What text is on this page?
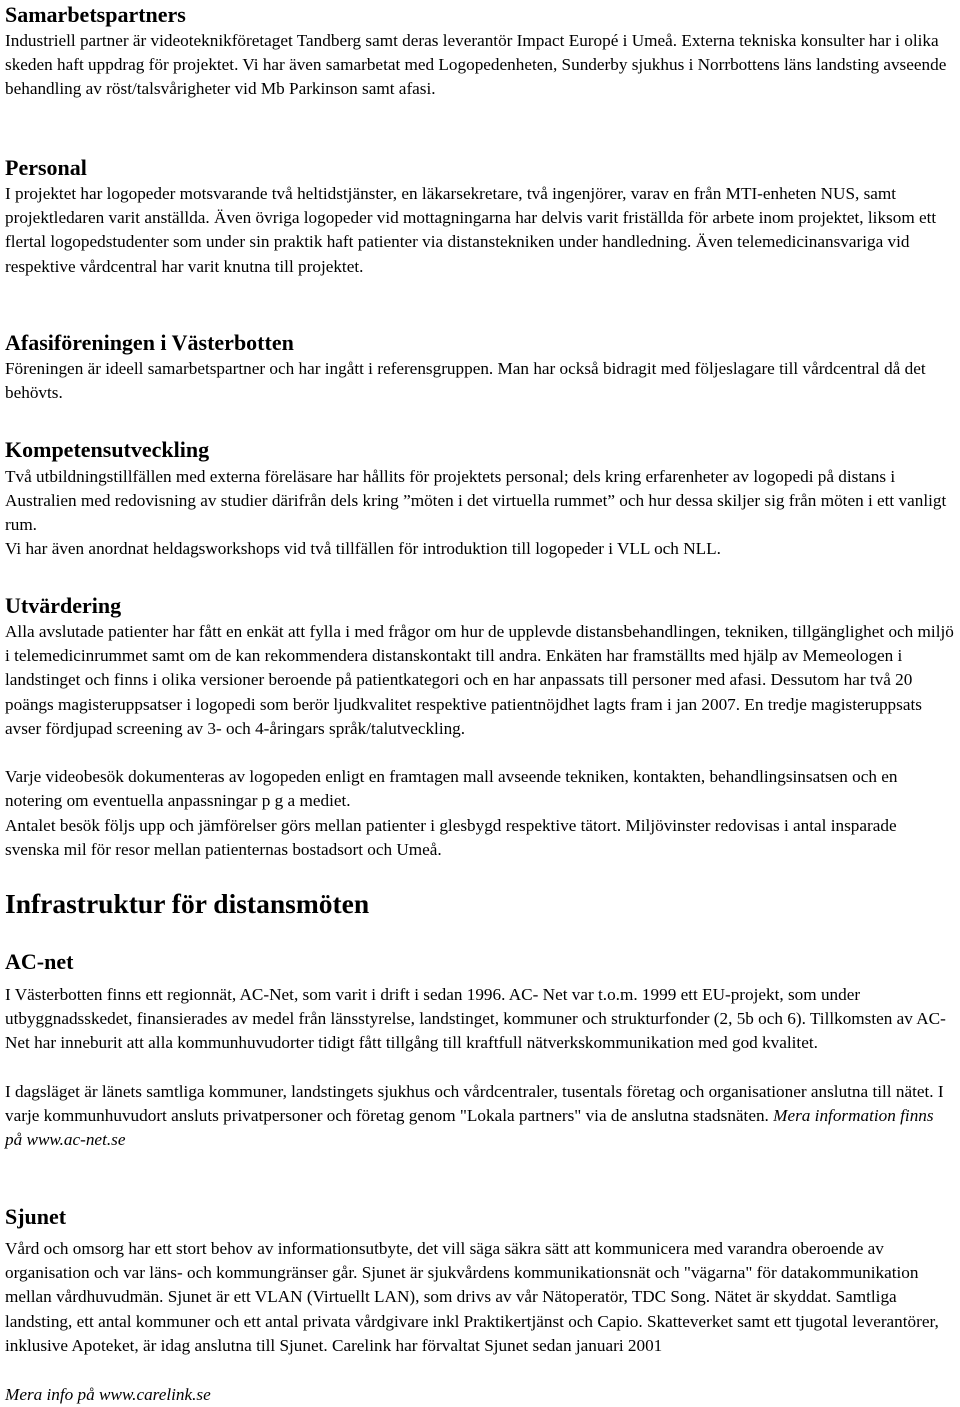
Samarbetspartners

Industriell partner är videoteknikföretaget Tandberg samt deras leverantör Impact Europé i Umeå. Externa tekniska konsulter har i olika skeden haft uppdrag för projektet. Vi har även samarbetat med Logopedenheten, Sunderby sjukhus i Norrbottens läns landsting avseende behandling av röst/talsvårigheter vid Mb Parkinson samt afasi.

Personal

I projektet har logopeder motsvarande två heltidstjänster, en läkarsekretare, två ingenjörer, varav en från MTI-enheten NUS, samt projektledaren varit anställda. Även övriga logopeder vid mottagningarna har delvis varit friställda för arbete inom projektet, liksom ett flertal logopedstudenter som under sin praktik haft patienter via distanstekniken under handledning. Även telemedicinansvariga vid respektive vårdcentral har varit knutna till projektet.

Afasiföreningen i Västerbotten

Föreningen är ideell samarbetspartner och har ingått i referensgruppen. Man har också bidragit med följeslagare till vårdcentral då det behövts.

Kompetensutveckling

Två utbildningstillfällen med externa föreläsare har hållits för projektets personal; dels kring erfarenheter av logopedi på distans i Australien med redovisning av studier därifrån dels kring ”möten i det virtuella rummet” och hur dessa skiljer sig från möten i ett vanligt rum.

Vi har även anordnat heldagsworkshops vid två tillfällen för introduktion till logopeder i VLL och NLL.

Utvärdering

Alla avslutade patienter har fått en enkät att fylla i med frågor om hur de upplevde distansbehandlingen, tekniken, tillgänglighet och miljö i telemedicinrummet samt om de kan rekommendera distanskontakt till andra. Enkäten har framställts med hjälp av Memeologen i landstinget och finns i olika versioner beroende på patientkategori och en har anpassats till personer med afasi. Dessutom har två 20 poängs magisteruppsatser i logopedi som berör ljudkvalitet respektive patientnöjdhet lagts fram i jan 2007. En tredje magisteruppsats avser fördjupad screening av 3- och 4-åringars språk/talutveckling.

Varje videobesök dokumenteras av logopeden enligt en framtagen mall avseende tekniken, kontakten, behandlingsinsatsen och en notering om eventuella anpassningar p g a mediet.

Antalet besök följs upp och jämförelser görs mellan patienter i glesbygd respektive tätort. Miljövinster redovisas i antal insparade svenska mil för resor mellan patienternas bostadsort och Umeå.

Infrastruktur för distansmöten
AC-net

I Västerbotten finns ett regionnät, AC-Net, som varit i drift i sedan 1996. AC- Net var t.o.m. 1999 ett EU-projekt, som under utbyggnadsskedet, finansierades av medel från länsstyrelse, landstinget, kommuner och strukturfonder (2, 5b och 6). Tillkomsten av AC-Net har inneburit att alla kommunhuvudorter tidigt fått tillgång till kraftfull nätverkskommunikation med god kvalitet.

I dagsläget är länets samtliga kommuner, landstingets sjukhus och vårdcentraler, tusentals företag och organisationer anslutna till nätet. I varje kommunhuvudort ansluts privatpersoner och företag genom "Lokala partners" via de anslutna stadsnäten. Mera information finns på www.ac-net.se

Sjunet

Vård och omsorg har ett stort behov av informationsutbyte, det vill säga säkra sätt att kommunicera med varandra oberoende av organisation och var läns- och kommungränser går. Sjunet är sjukvårdens kommunikationsnät och "vägarna" för datakommunikation mellan vårdhuvudmän. Sjunet är ett VLAN (Virtuellt LAN), som drivs av vår Nätoperatör, TDC Song. Nätet är skyddat. Samtliga landsting, ett antal kommuner och ett antal privata vårdgivare inkl Praktikertjänst och Capio. Skatteverket samt ett tjugotal leverantörer, inklusive Apoteket, är idag anslutna till Sjunet. Carelink har förvaltat Sjunet sedan januari 2001

Mera info på www.carelink.se
